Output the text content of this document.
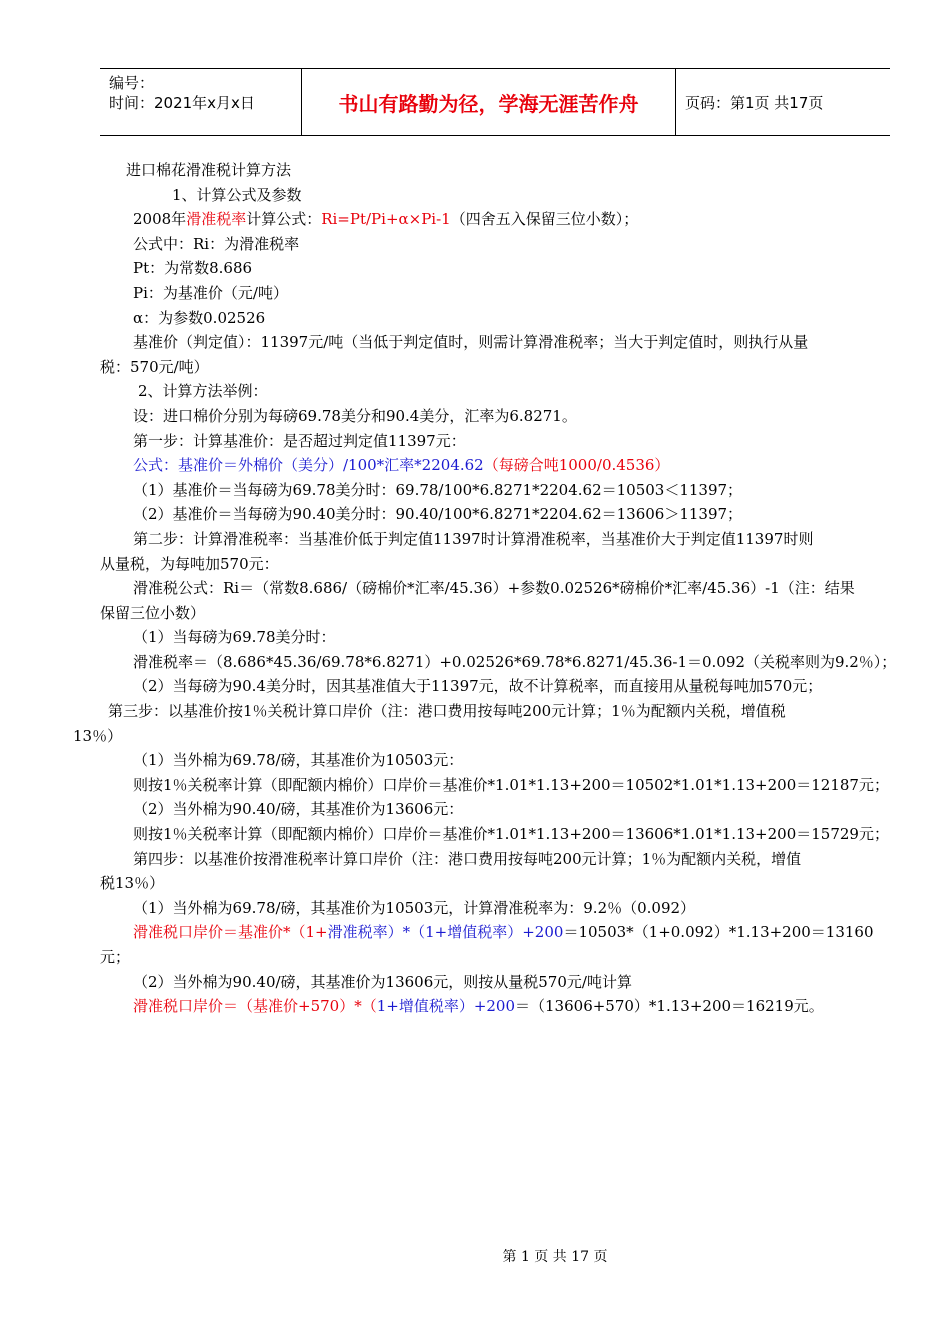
编号：
时间：2021年x月x日	书山有路勤为径，学海无涯苦作舟	页码：第1页 共17页
进口棉花滑准税计算方法
1、计算公式及参数
2008年滑准税率计算公式：Ri=Pt/Pi+α×Pi-1（四舍五入保留三位小数）；
公式中：Ri：为滑准税率
Pt：为常数8.686
Pi：为基准价（元/吨）
α：为参数0.02526
基准价（判定值）：11397元/吨（当低于判定值时，则需计算滑准税率；当大于判定值时，则执行从量
税：570元/吨）
2、计算方法举例：
设：进口棉价分别为每磅69.78美分和90.4美分，汇率为6.8271。
第一步：计算基准价：是否超过判定值11397元：
公式：基准价＝外棉价（美分）/100*汇率*2204.62（每磅合吨1000/0.4536）
（1）基准价＝当每磅为69.78美分时：69.78/100*6.8271*2204.62＝10503＜11397；
（2）基准价＝当每磅为90.40美分时：90.40/100*6.8271*2204.62＝13606＞11397；
第二步：计算滑准税率：当基准价低于判定值11397时计算滑准税率，当基准价大于判定值11397时则
从量税，为每吨加570元：
滑准税公式：Ri＝（常数8.686/（磅棉价*汇率/45.36）+参数0.02526*磅棉价*汇率/45.36）-1（注：结果
保留三位小数）
（1）当每磅为69.78美分时：
滑准税率＝（8.686*45.36/69.78*6.8271）+0.02526*69.78*6.8271/45.36-1＝0.092（关税率则为9.2％）；
（2）当每磅为90.4美分时，因其基准值大于11397元，故不计算税率，而直接用从量税每吨加570元；
第三步：以基准价按1％关税计算口岸价（注：港口费用按每吨200元计算；1％为配额内关税，增值税
13％）
（1）当外棉为69.78/磅，其基准价为10503元：
则按1％关税率计算（即配额内棉价）口岸价＝基准价*1.01*1.13+200＝10502*1.01*1.13+200＝12187元；
（2）当外棉为90.40/磅，其基准价为13606元：
则按1％关税率计算（即配额内棉价）口岸价＝基准价*1.01*1.13+200＝13606*1.01*1.13+200＝15729元；
第四步：以基准价按滑准税率计算口岸价（注：港口费用按每吨200元计算；1％为配额内关税，增值
税13％）
（1）当外棉为69.78/磅，其基准价为10503元，计算滑准税率为：9.2％（0.092）
滑准税口岸价＝基准价*（1+滑准税率）*（1+增值税率）+200＝10503*（1+0.092）*1.13+200＝13160
元；
（2）当外棉为90.40/磅，其基准价为13606元，则按从量税570元/吨计算
滑准税口岸价＝（基准价+570）*（1+增值税率）+200＝（13606+570）*1.13+200＝16219元。
第 1 页 共 17 页
